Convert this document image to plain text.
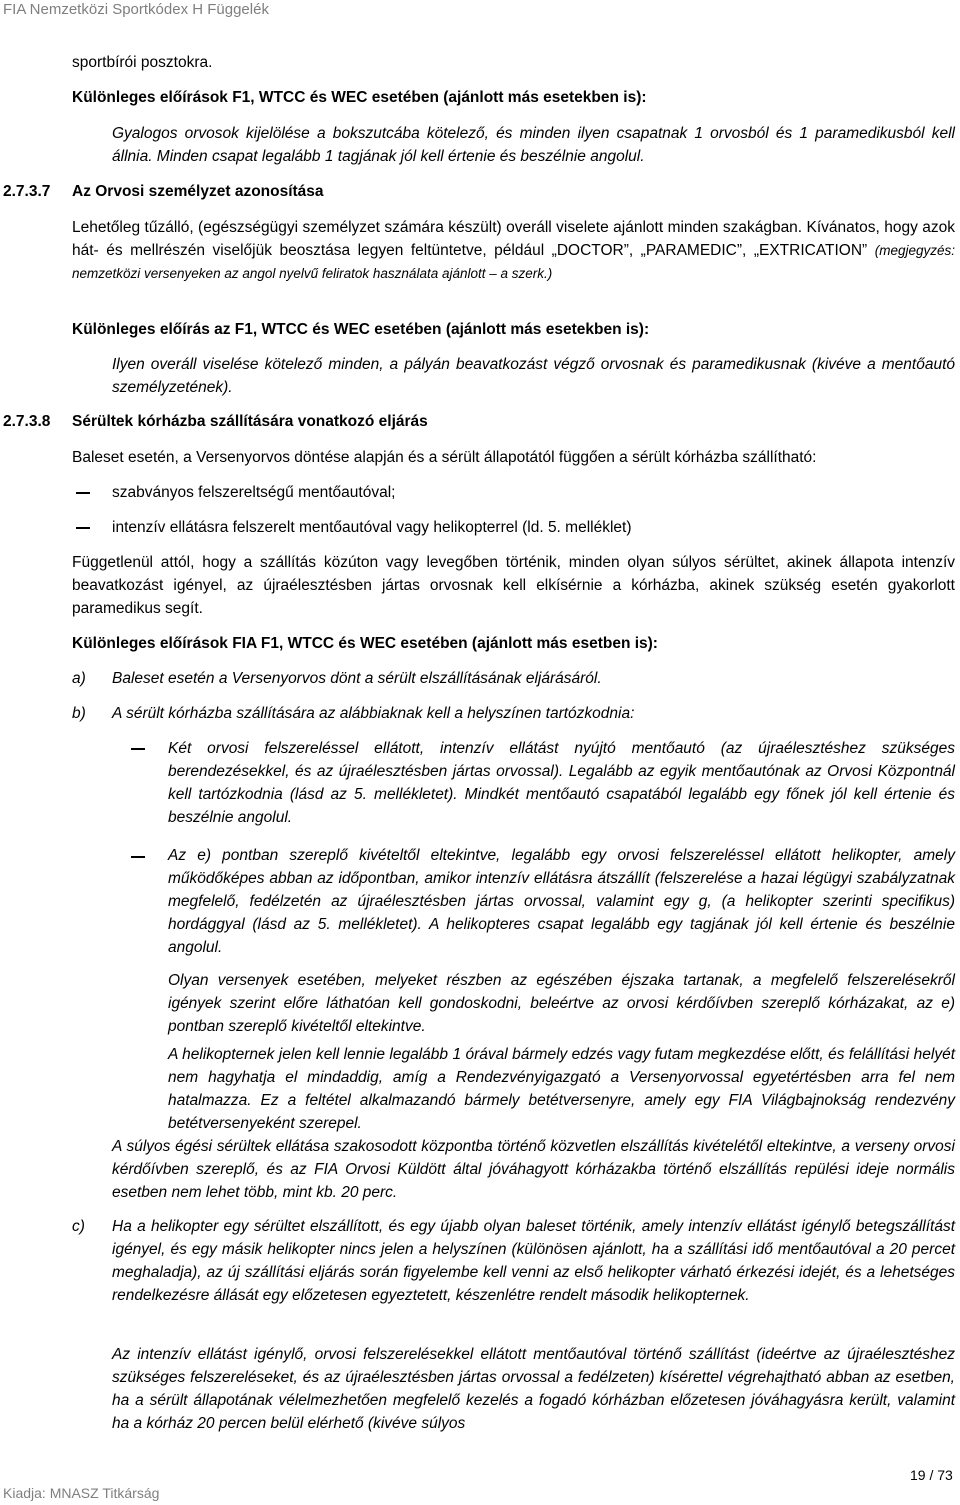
FIA Nemzetközi Sportkódex H Függelék
sportbírói posztokra.
Különleges előírások F1, WTCC és WEC esetében (ajánlott más esetekben is):
Gyalogos orvosok kijelölése a bokszutcába kötelező, és minden ilyen csapatnak 1 orvosból és 1 paramedikusból kell állnia. Minden csapat legalább 1 tagjának jól kell értenie és beszélnie angolul.
2.7.3.7 Az Orvosi személyzet azonosítása
Lehetőleg tűzálló, (egészségügyi személyzet számára készült) overáll viselete ajánlott minden szakágban. Kívánatos, hogy azok hát- és mellrészén viselőjük beosztása legyen feltüntetve, például „DOCTOR”, „PARAMEDIC”, „EXTRICATION” (megjegyzés: nemzetközi versenyeken az angol nyelvű feliratok használata ajánlott – a szerk.)
Különleges előírás az F1, WTCC és WEC esetében (ajánlott más esetekben is):
Ilyen overáll viselése kötelező minden, a pályán beavatkozást végző orvosnak és paramedikusnak (kivéve a mentőautó személyzetének).
2.7.3.8 Sérültek kórházba szállítására vonatkozó eljárás
Baleset esetén, a Versenyorvos döntése alapján és a sérült állapotától függően a sérült kórházba szállítható:
szabványos felszereltségű mentőautóval;
intenzív ellátásra felszerelt mentőautóval vagy helikopterrel (ld. 5. melléklet)
Függetlenül attól, hogy a szállítás közúton vagy levegőben történik, minden olyan súlyos sérültet, akinek állapota intenzív beavatkozást igényel, az újraélesztésben jártas orvosnak kell elkísérnie a kórházba, akinek szükség esetén gyakorlott paramedikus segít.
Különleges előírások FIA F1, WTCC és WEC esetében (ajánlott más esetben is):
a) Baleset esetén a Versenyorvos dönt a sérült elszállításának eljárásáról.
b) A sérült kórházba szállítására az alábbiaknak kell a helyszínen tartózkodnia:
Két orvosi felszereléssel ellátott, intenzív ellátást nyújtó mentőautó (az újraélesztéshez szükséges berendezésekkel, és az újraélesztésben jártas orvossal). Legalább az egyik mentőautónak az Orvosi Központnál kell tartózkodnia (lásd az 5. mellékletet). Mindkét mentőautó csapatából legalább egy főnek jól kell értenie és beszélnie angolul.
Az e) pontban szereplő kivételtől eltekintve, legalább egy orvosi felszereléssel ellátott helikopter, amely működőképes abban az időpontban, amikor intenzív ellátásra átszállít (felszerelése a hazai légügyi szabályzatnak megfelelő, fedélzetén az újraélesztésben jártas orvossal, valamint egy g, (a helikopter szerinti specifikus) hordággyal (lásd az 5. mellékletet). A helikopteres csapat legalább egy tagjának jól kell értenie és beszélnie angolul.
Olyan versenyek esetében, melyeket részben az egészében éjszaka tartanak, a megfelelő felszerelésekről igények szerint előre láthatóan kell gondoskodni, beleértve az orvosi kérdőívben szereplő kórházakat, az e) pontban szereplő kivételtől eltekintve.
A helikopternek jelen kell lennie legalább 1 órával bármely edzés vagy futam megkezdése előtt, és felállítási helyét nem hagyhatja el mindaddig, amíg a Rendezvényigazgató a Versenyorvossal egyetértésben arra fel nem hatalmazza. Ez a feltétel alkalmazandó bármely betétversenyre, amely egy FIA Világbajnokság rendezvény betétversenyeként szerepel.
A súlyos égési sérültek ellátása szakosodott központba történő közvetlen elszállítás kivételétől eltekintve, a verseny orvosi kérdőívben szereplő, és az FIA Orvosi Küldött által jóváhagyott kórházakba történő elszállítás repülési ideje normális esetben nem lehet több, mint kb. 20 perc.
c) Ha a helikopter egy sérültet elszállított, és egy újabb olyan baleset történik, amely intenzív ellátást igénylő betegszállítást igényel, és egy másik helikopter nincs jelen a helyszínen (különösen ajánlott, ha a szállítási idő mentőautóval a 20 percet meghaladja), az új szállítási eljárás során figyelembe kell venni az első helikopter várható érkezési idejét, és a lehetséges rendelkezésre állását egy előzetesen egyeztetett, készenlétre rendelt második helikopternek.
Az intenzív ellátást igénylő, orvosi felszerelésekkel ellátott mentőautóval történő szállítást (ideértve az újraélesztéshez szükséges felszereléseket, és az újraélesztésben jártas orvossal a fedélzeten) kísérettel végrehajtható abban az esetben, ha a sérült állapotának vélelmezhetően megfelelő kezelés a fogadó kórházban előzetesen jóváhagyásra került, valamint ha a kórház 20 percen belül elérhető (kivéve súlyos
19 / 73
Kiadja: MNASZ Titkárság
